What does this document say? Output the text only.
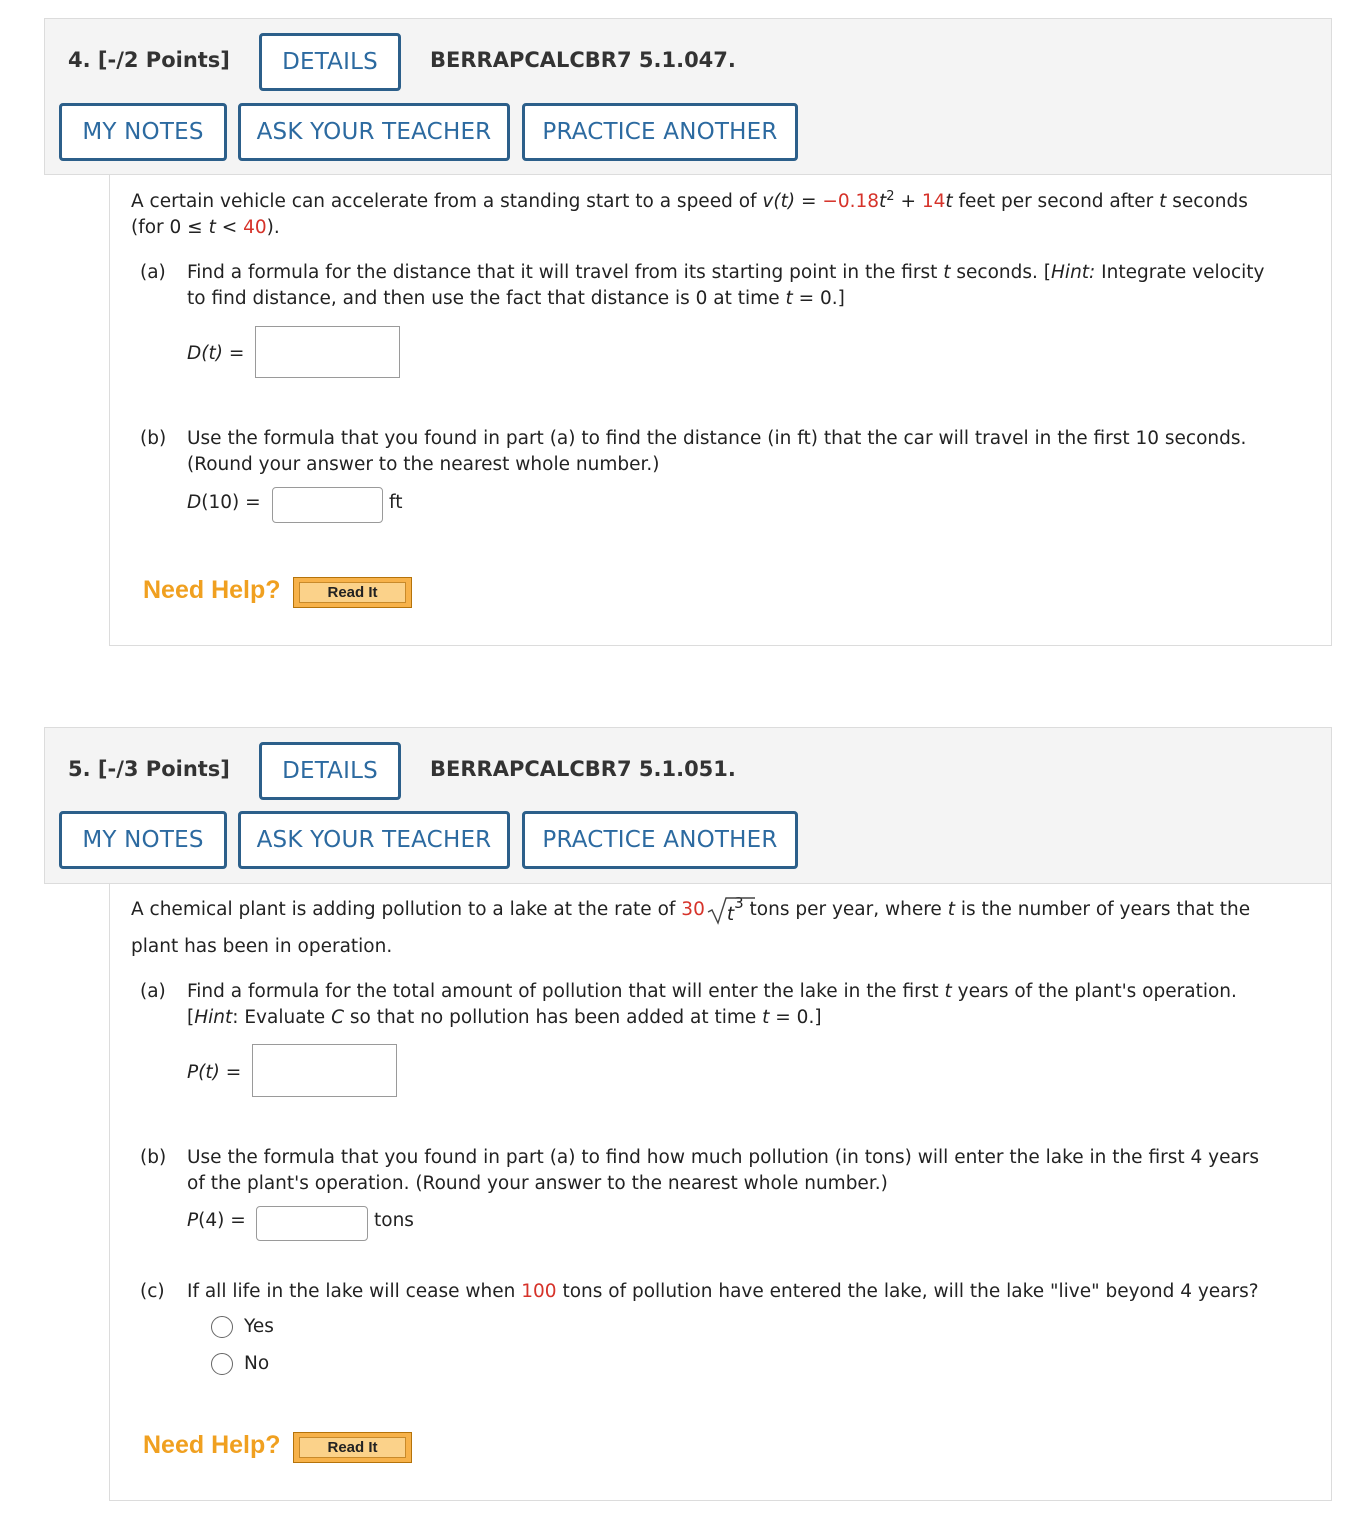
4. [-/2 Points]	DETAILS	BERRAPCALCBR7 5.1.047.
MY NOTES	ASK YOUR TEACHER	PRACTICE ANOTHER
A certain vehicle can accelerate from a standing start to a speed of $v(t) = -0.18t^2 + 14t$ feet per second after t seconds
(for 0 ≤ t < 40).
(a) Find a formula for the distance that it will travel from its starting point in the first t seconds. [Hint: Integrate velocity
to find distance, and then use the fact that distance is 0 at time t = 0.]
D(t) =
(b) Use the formula that you found in part (a) to find the distance (in ft) that the car will travel in the first 10 seconds.
(Round your answer to the nearest whole number.)
D(10) =	ft
Need Help?	Read It
5. [-/3 Points]	DETAILS	BERRAPCALCBR7 5.1.051.
MY NOTES	ASK YOUR TEACHER	PRACTICE ANOTHER
A chemical plant is adding pollution to a lake at the rate of 30 $t^3$ tons per year, where t is the number of years that the
plant has been in operation.
(a) Find a formula for the total amount of pollution that will enter the lake in the first t years of the plant's operation.
[Hint: Evaluate C so that no pollution has been added at time t = 0.]
P(t) =
(b) Use the formula that you found in part (a) to find how much pollution (in tons) will enter the lake in the first 4 years
of the plant's operation. (Round your answer to the nearest whole number.)
P(4) =	tons
(c) If all life in the lake will cease when 100 tons of pollution have entered the lake, will the lake "live" beyond 4 years?
Yes
No
Need Help?	Read It
